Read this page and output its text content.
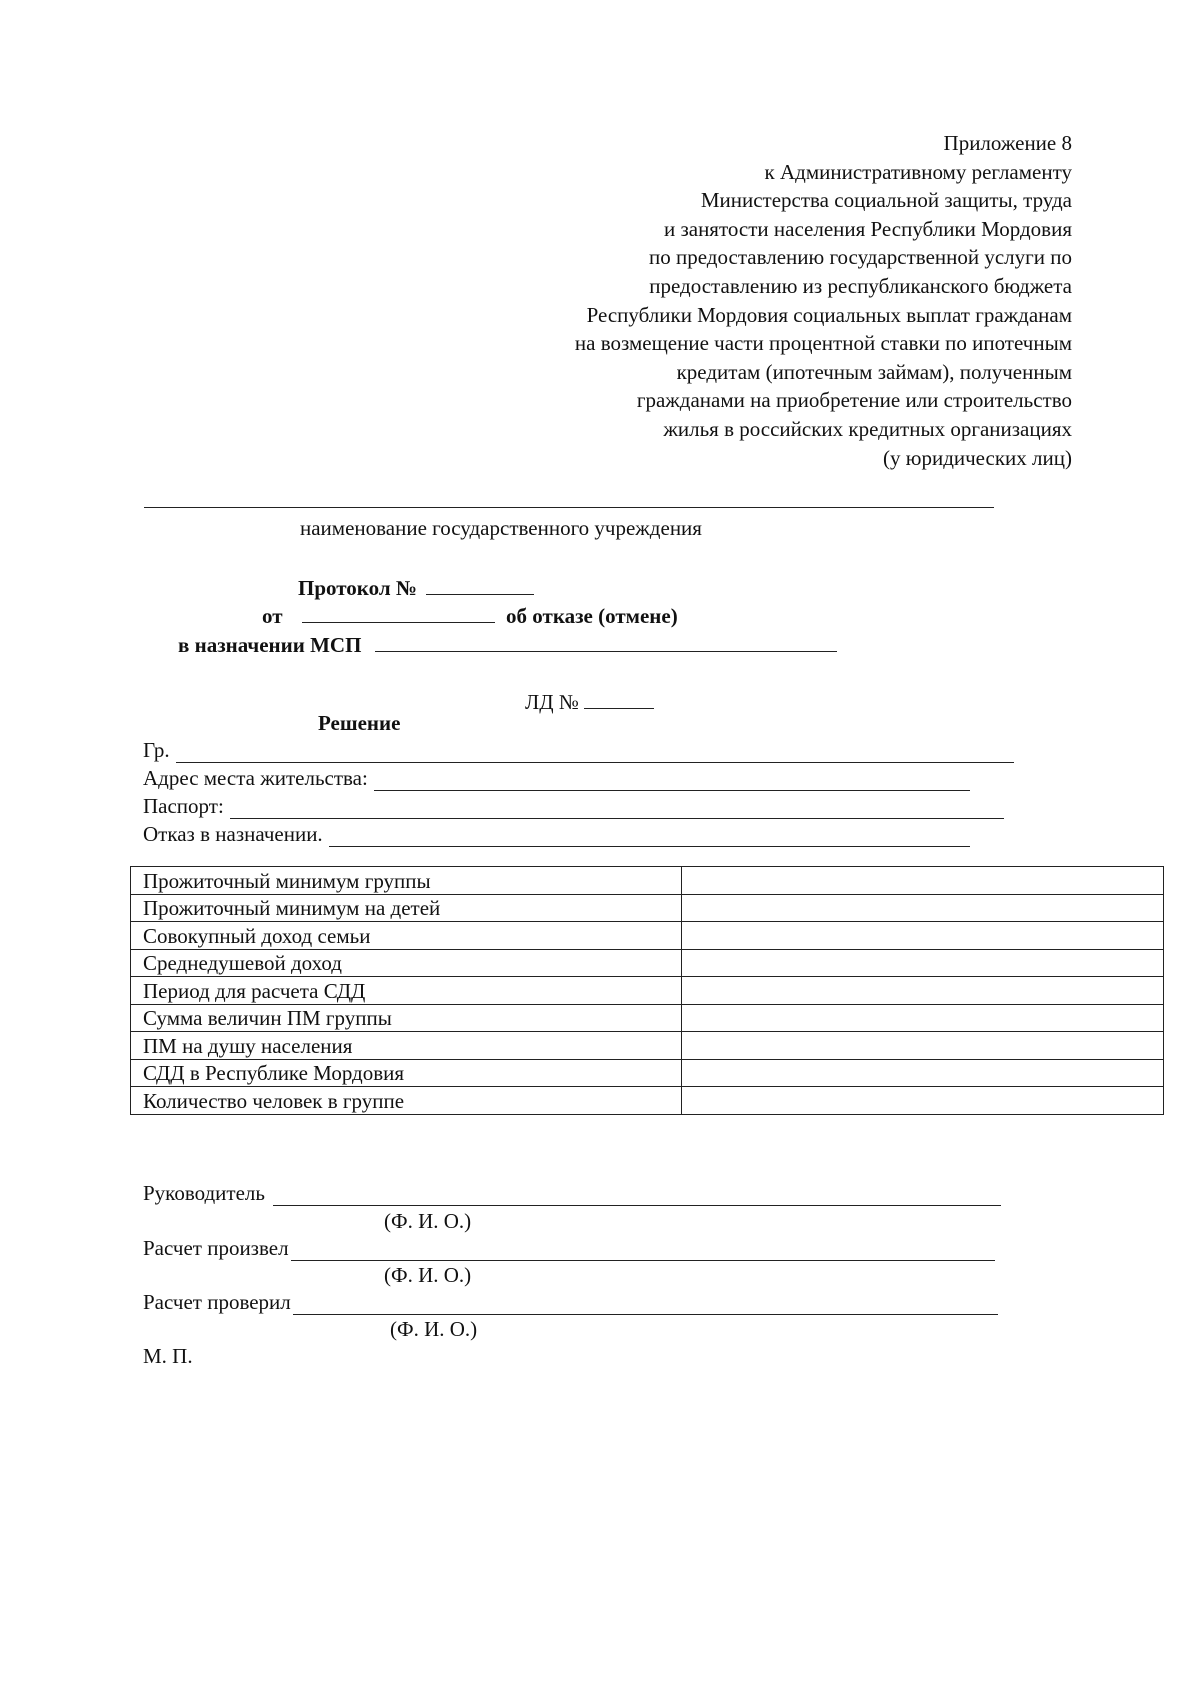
Приложение 8
к Административному регламенту
Министерства социальной защиты, труда
и занятости населения Республики Мордовия
по предоставлению государственной услуги по
предоставлению из республиканского бюджета
Республики Мордовия социальных выплат гражданам
на возмещение части процентной ставки по ипотечным
кредитам (ипотечным займам), полученным
гражданами на приобретение или строительство
жилья в российских кредитных организациях
(у юридических лиц)
наименование государственного учреждения
Протокол №
от	об отказе (отмене)
в назначении МСП
ЛД №
Решение
Гр.
Адрес места жительства:
Паспорт:
Отказ в назначении.
Прожиточный минимум группы	
Прожиточный минимум на детей	
Совокупный доход семьи	
Среднедушевой доход	
Период для расчета СДД	
Сумма величин ПМ группы	
ПМ на душу населения	
СДД в Республике Мордовия	
Количество человек в группе	
Руководитель
(Ф. И. О.)
Расчет произвел
(Ф. И. О.)
Расчет проверил
(Ф. И. О.)
М. П.
